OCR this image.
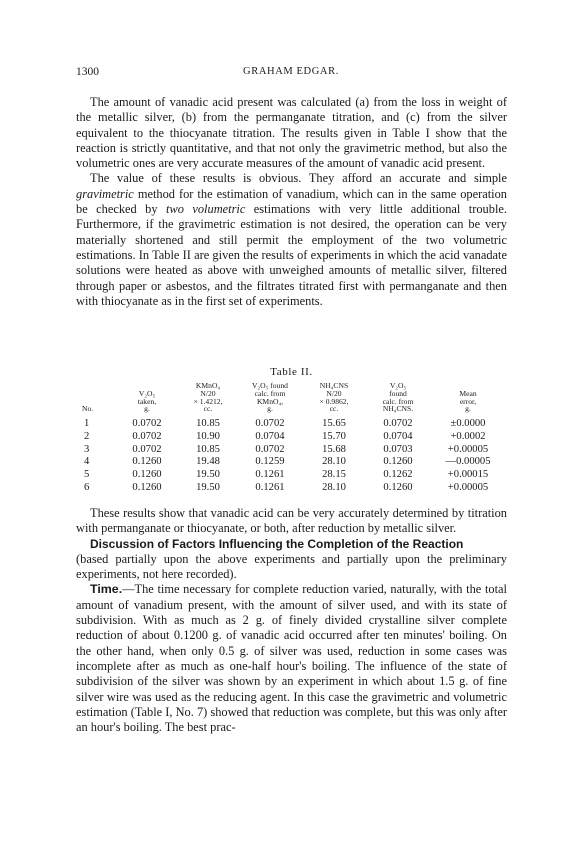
1300	GRAHAM EDGAR.

The amount of vanadic acid present was calculated (a) from the loss in weight of the metallic silver, (b) from the permanganate titration, and (c) from the silver equivalent to the thiocyanate titration. The results given in Table I show that the reaction is strictly quantitative, and that not only the gravimetric method, but also the volumetric ones are very accurate measures of the amount of vanadic acid present.

The value of these results is obvious. They afford an accurate and simple gravimetric method for the estimation of vanadium, which can in the same operation be checked by two volumetric estimations with very little additional trouble. Furthermore, if the gravimetric estimation is not desired, the operation can be very materially shortened and still permit the employment of the two volumetric estimations. In Table II are given the results of experiments in which the acid vanadate solutions were heated as above with unweighed amounts of metallic silver, filtered through paper or asbestos, and the filtrates titrated first with permanganate and then with thiocyanate as in the first set of experiments.

Table II.
No.	V₂O₅
taken,
g.	KMnO₄
N/20
× 1.4212,
cc.	V₂O₅ found
calc. from
KMnO₄,
g.	NH₄CNS
N/20
× 0.9862,
cc.	V₂O₅
found
calc. from
NH₄CNS.	Mean
error,
g.
1	0.0702	10.85	0.0702	15.65	0.0702	±0.0000
2	0.0702	10.90	0.0704	15.70	0.0704	+0.0002
3	0.0702	10.85	0.0702	15.68	0.0703	+0.00005
4	0.1260	19.48	0.1259	28.10	0.1260	—0.00005
5	0.1260	19.50	0.1261	28.15	0.1262	+0.00015
6	0.1260	19.50	0.1261	28.10	0.1260	+0.00005

These results show that vanadic acid can be very accurately determined by titration with permanganate or thiocyanate, or both, after reduction by metallic silver.

Discussion of Factors Influencing the Completion of the Reaction
(based partially upon the above experiments and partially upon the preliminary experiments, not here recorded).

Time.—The time necessary for complete reduction varied, naturally, with the total amount of vanadium present, with the amount of silver used, and with its state of subdivision. With as much as 2 g. of finely divided crystalline silver complete reduction of about 0.1200 g. of vanadic acid occurred after ten minutes' boiling. On the other hand, when only 0.5 g. of silver was used, reduction in some cases was incomplete after as much as one-half hour's boiling. The influence of the state of subdivision of the silver was shown by an experiment in which about 1.5 g. of fine silver wire was used as the reducing agent. In this case the gravimetric and volumetric estimation (Table I, No. 7) showed that reduction was complete, but this was only after an hour's boiling. The best prac-
